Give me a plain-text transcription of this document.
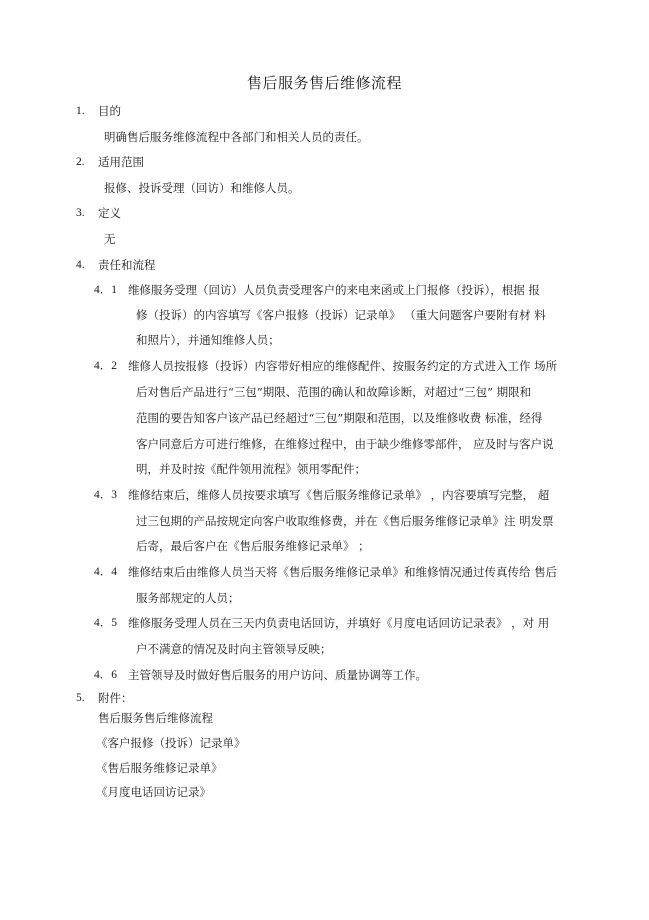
售后服务售后维修流程
1. 目的
明确售后服务维修流程中各部门和相关人员的责任。
2. 适用范围
报修、投诉受理（回访）和维修人员。
3. 定义
无
4. 责任和流程
4．1 维修服务受理（回访）人员负责受理客户的来电来函或上门报修（投诉），根据 报
修（投诉）的内容填写《客户报修（投诉）记录单》 （重大问题客户要附有材 料
和照片），并通知维修人员；
4．2 维修人员按报修（投诉）内容带好相应的维修配件、按服务约定的方式进入工作 场所
后对售后产品进行“三包”期限、范围的确认和故障诊断，对超过“三包” 期限和
范围的要告知客户该产品已经超过“三包”期限和范围，以及维修收费 标准，经得
客户同意后方可进行维修，在维修过程中，由于缺少维修零部件， 应及时与客户说
明，并及时按《配件领用流程》领用零配件；
4．3 维修结束后，维修人员按要求填写《售后服务维修记录单》 ，内容要填写完整， 超
过三包期的产品按规定向客户收取维修费，并在《售后服务维修记录单》注 明发票
后寄，最后客户在《售后服务维修记录单》 ；
4．4 维修结束后由维修人员当天将《售后服务维修记录单》和维修情况通过传真传给 售后
服务部规定的人员；
4．5 维修服务受理人员在三天内负责电话回访，并填好《月度电话回访记录表》 ，对 用
户不满意的情况及时向主管领导反映；
4．6 主管领导及时做好售后服务的用户访问、质量协调等工作。
5. 附件：
售后服务售后维修流程
《客户报修（投诉）记录单》
《售后服务维修记录单》
《月度电话回访记录》
